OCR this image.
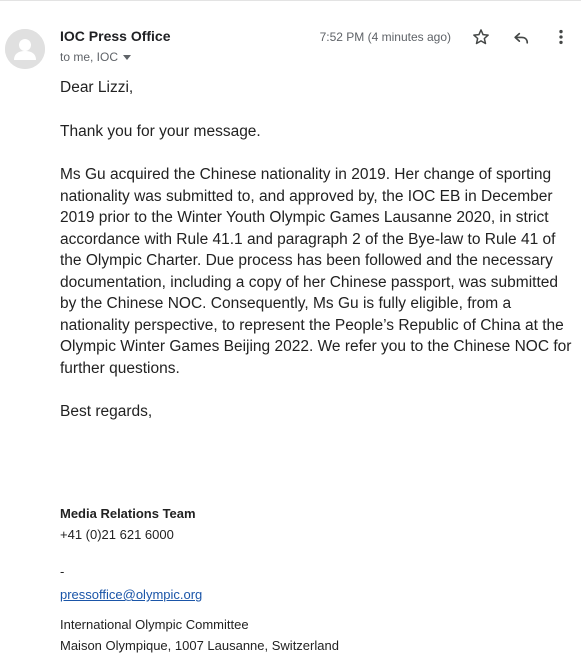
IOC Press Office
to me, IOC
7:52 PM (4 minutes ago)

Dear Lizzi,

Thank you for your message.

Ms Gu acquired the Chinese nationality in 2019. Her change of sporting nationality was submitted to, and approved by, the IOC EB in December 2019 prior to the Winter Youth Olympic Games Lausanne 2020, in strict accordance with Rule 41.1 and paragraph 2 of the Bye-law to Rule 41 of the Olympic Charter. Due process has been followed and the necessary documentation, including a copy of her Chinese passport, was submitted by the Chinese NOC. Consequently, Ms Gu is fully eligible, from a nationality perspective, to represent the People’s Republic of China at the Olympic Winter Games Beijing 2022. We refer you to the Chinese NOC for further questions.

Best regards,

Media Relations Team
+41 (0)21 621 6000
-
pressoffice@olympic.org
International Olympic Committee
Maison Olympique, 1007 Lausanne, Switzerland
